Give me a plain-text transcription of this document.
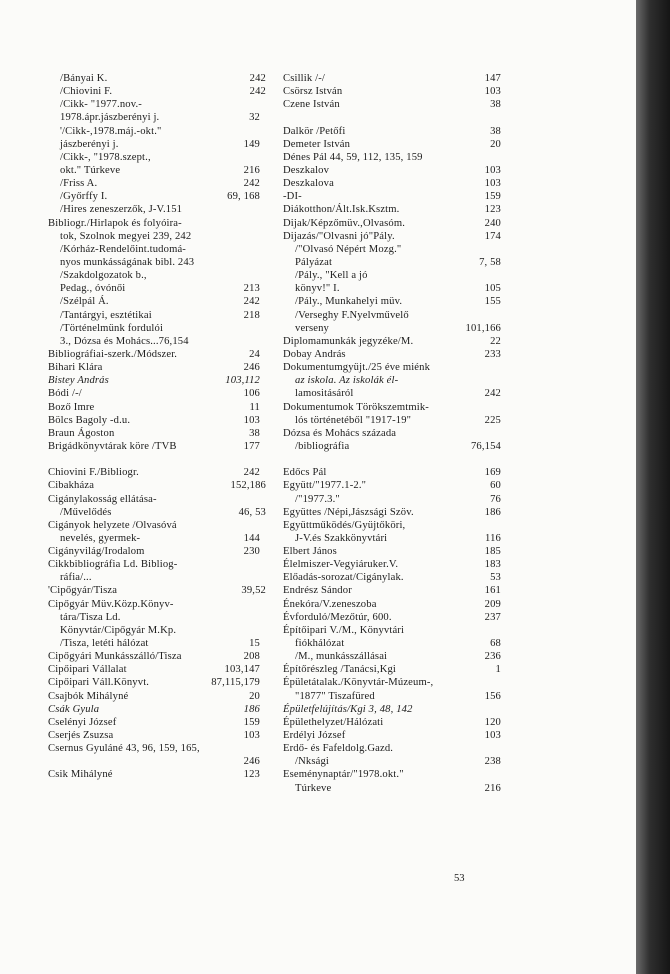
/Bányai K.	242
/Chiovini F.	242
/Cikk- "1977.nov.-
1978.ápr.jászberényi j.	32
'/Cikk-,1978.máj.-okt."
jászberényi j.	149
/Cikk-, "1978.szept.,
okt." Túrkeve	216
/Friss A.	242
/Győrffy I.	69, 168
/Hires zeneszerzők, J-V.151
Bibliogr./Hirlapok és folyóira-
tok, Szolnok megyei 239, 242
/Kórház-Rendelőint.tudomá-
nyos munkásságának bibl. 243
/Szakdolgozatok b.,
Pedag., óvónői	213
/Szélpál Á.	242
/Tantárgyi, esztétikai	218
/Történelmünk fordulói
3., Dózsa és Mohács...76,154
Bibliográfiai-szerk./Módszer.	24
Bihari Klára	246
Bistey András	103,112
Bódi /-/	106
Boző Imre	11
Bölcs Bagoly -d.u.	103
Braun Ágoston	38
Brigádkönyvtárak köre /TVB	177
Chiovini F./Bibliogr.	242
Cibakháza	152,186
Cigánylakosság ellátása-
/Művelődés	46, 53
Cigányok helyzete /Olvasóvá
nevelés, gyermek-	144
Cigányvilág/Irodalom	230
Cikkbibliográfia Ld. Bibliog-
ráfia/...
'Cipőgyár/Tisza	39,52
Cipőgyár Müv.Közp.Könyv-
tára/Tisza Ld.
Könyvtár/Cipőgyár M.Kp.
/Tisza, letéti hálózat	15
Cipőgyári Munkásszálló/Tisza	208
Cipőipari Vállalat	103,147
Cipőipari Váll.Könyvt.	87,115,179
Csajbók Mihályné	20
Csák Gyula	186
Cselényi József	159
Cserjés Zsuzsa	103
Csernus Gyuláné 43, 96, 159, 165,
246
Csik Mihályné	123
Csillik /-/	147
Csörsz István	103
Czene István	38
Dalkör /Petőfi	38
Demeter István	20
Dénes Pál 44, 59, 112, 135, 159
Deszkalov	103
Deszkalova	103
-DI-	159
Diákotthon/Ált.Isk.Ksztm.	123
Dijak/Képzőmüv.,Olvasóm.	240
Dijazás/"Olvasni jó"Pály.	174
/"Olvasó Népért Mozg."
Pályázat	7, 58
/Pály., "Kell a jó
könyv!" I.	105
/Pály., Munkahelyi müv.	155
/Verseghy F.Nyelvművelő
verseny	101,166
Diplomamunkák jegyzéke/M.	22
Dobay András	233
Dokumentumgyüjt./25 éve miénk
az iskola. Az iskolák él-
lamositásáról	242
Dokumentumok Törökszemtmik-
lós történetéből "1917-19"	225
Dózsa és Mohács százada
/bibliográfia	76,154
Edőcs Pál	169
Együtt/"1977.1-2."	60
/"1977.3."	76
Együttes /Népi,Jászsági Szöv.	186
Együttműködés/Gyüjtőköri,
J-V.és Szakkönyvtári	116
Elbert János	185
Élelmiszer-Vegyiáruker.V.	183
Előadás-sorozat/Cigánylak.	53
Endrész Sándor	161
Énekóra/V.zeneszoba	209
Évforduló/Mezőtúr, 600.	237
Építőipari V./M., Könyvtári
fiókhálózat	68
/M., munkásszállásai	236
Építőrészleg /Tanácsi,Kgi	1
Épületátalak./Könyvtár-Múzeum-,
"1877" Tiszafüred	156
Épületfelújítás/Kgi 3, 48, 142
Épülethelyzet/Hálózati	120
Erdélyi József	103
Erdő- és Fafeldolg.Gazd.
/Nksági	238
Eseménynaptár/"1978.okt."
Túrkeve	216
53
